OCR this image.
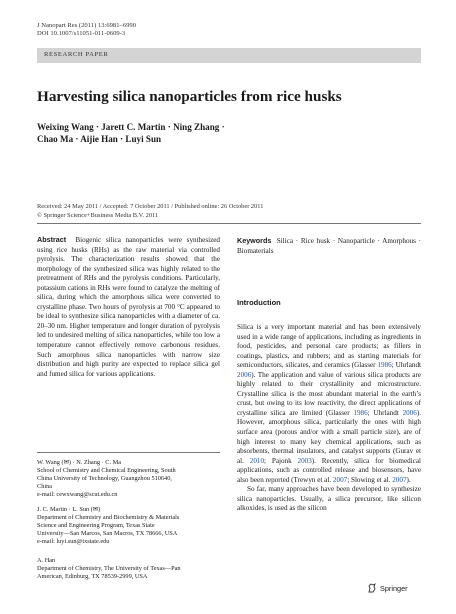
J Nanopart Res (2011) 13:6981–6990
DOI 10.1007/s11051-011-0609-3
RESEARCH PAPER
Harvesting silica nanoparticles from rice husks
Weixing Wang · Jarett C. Martin · Ning Zhang ·
Chao Ma · Aijie Han · Luyi Sun
Received: 24 May 2011 / Accepted: 7 October 2011 / Published online: 26 October 2011
© Springer Science+Business Media B.V. 2011

Abstract Biogenic silica nanoparticles were synthesized using rice husks (RHs) as the raw material via controlled pyrolysis. The characterization results showed that the morphology of the synthesized silica was highly related to the pretreatment of RHs and the pyrolysis conditions. Particularly, potassium cations in RHs were found to catalyze the melting of silica, during which the amorphous silica were converted to crystalline phase. Two hours of pyrolysis at 700 °C appeared to be ideal to synthesize silica nanoparticles with a diameter of ca. 20–30 nm. Higher temperature and longer duration of pyrolysis led to undesired melting of silica nanoparticles, while too low a temperature cannot effectively remove carbonous residues. Such amorphous silica nanoparticles with narrow size distribution and high purity are expected to replace silica gel and fumed silica for various applications.

Keywords Silica · Rice husk · Nanoparticle · Amorphous · Biomaterials

Introduction

Silica is a very important material and has been extensively used in a wide range of applications, including as ingredients in food, pesticides, and personal care products; as fillers in coatings, plastics, and rubbers; and as starting materials for semiconductors, silicates, and ceramics (Glasser 1986; Uhrlandt 2006). The application and value of various silica products are highly related to their crystallinity and microstructure. Crystalline silica is the most abundant material in the earth’s crust, but owing to its low reactivity, the direct applications of crystalline silica are limited (Glasser 1986; Uhrlandt 2006). However, amorphous silica, particularly the ones with high surface area (porous and/or with a small particle size), are of high interest to many key chemical applications, such as absorbents, thermal insulators, and catalyst supports (Gurav et al. 2010; Pajonk 2003). Recently, silica for biomedical applications, such as controlled release and biosensors, have also been reported (Trewyn et al. 2007; Slowing et al. 2007).

So far, many approaches have been developed to synthesize silica nanoparticles. Usually, a silica precursor, like silicon alkoxides, is used as the silicon

W. Wang (✉) · N. Zhang · C. Ma

School of Chemistry and Chemical Engineering, South

China University of Technology, Guangzhou 510640,

China

e-mail: cewxwang@scut.edu.cn

J. C. Martin · L. Sun (✉)

Department of Chemistry and Biochemistry & Materials

Science and Engineering Program, Texas State

University—San Marcos, San Macros, TX 78666, USA

e-mail: luyi.sun@txstate.edu

A. Han

Department of Chemistry, The University of Texas—Pan

American, Edinburg, TX 78539-2999, USA

Springer
